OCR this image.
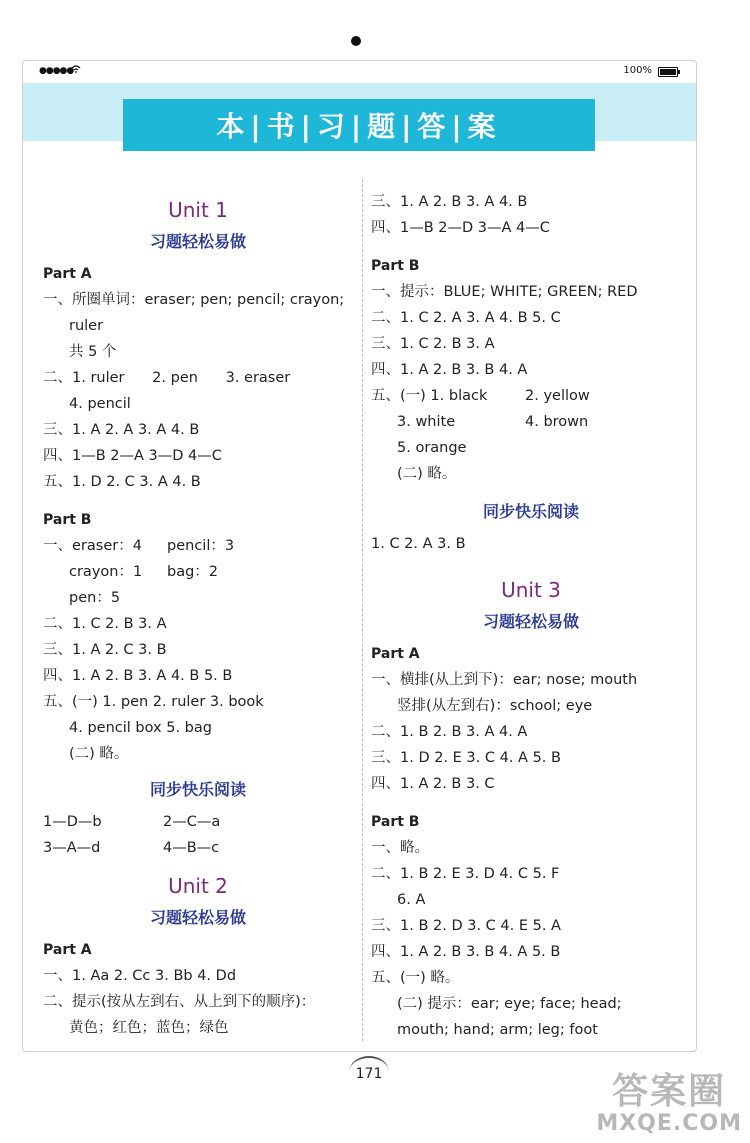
●●●●●	100%
本|书|习|题|答|案
Unit 1
习题轻松易做
Part A
一、所圈单词：eraser; pen; pencil; crayon;
ruler
共 5 个
二、1. ruler 2. pen 3. eraser
4. pencil
三、1. A 2. A 3. A 4. B
四、1—B 2—A 3—D 4—C
五、1. D 2. C 3. A 4. B
Part B
一、eraser：4	pencil：3
crayon：1	bag：2
pen：5
二、1. C 2. B 3. A
三、1. A 2. C 3. B
四、1. A 2. B 3. A 4. B 5. B
五、(一) 1. pen 2. ruler 3. book
4. pencil box 5. bag
(二) 略。
同步快乐阅读
1—D—b	2—C—a
3—A—d	4—B—c
Unit 2
习题轻松易做
Part A
一、1. Aa 2. Cc 3. Bb 4. Dd
二、提示(按从左到右、从上到下的顺序)：
黄色；红色；蓝色；绿色
三、1. A 2. B 3. A 4. B
四、1—B 2—D 3—A 4—C
Part B
一、提示：BLUE; WHITE; GREEN; RED
二、1. C 2. A 3. A 4. B 5. C
三、1. C 2. B 3. A
四、1. A 2. B 3. B 4. A
五、(一) 1. black	2. yellow
3. white	4. brown
5. orange
(二) 略。
同步快乐阅读
1. C 2. A 3. B
Unit 3
习题轻松易做
Part A
一、横排(从上到下)：ear; nose; mouth
竖排(从左到右)：school; eye
二、1. B 2. B 3. A 4. A
三、1. D 2. E 3. C 4. A 5. B
四、1. A 2. B 3. C
Part B
一、略。
二、1. B 2. E 3. D 4. C 5. F
6. A
三、1. B 2. D 3. C 4. E 5. A
四、1. A 2. B 3. B 4. A 5. B
五、(一) 略。
(二) 提示：ear; eye; face; head;
mouth; hand; arm; leg; foot
171	答案圈
MXQE.COM
